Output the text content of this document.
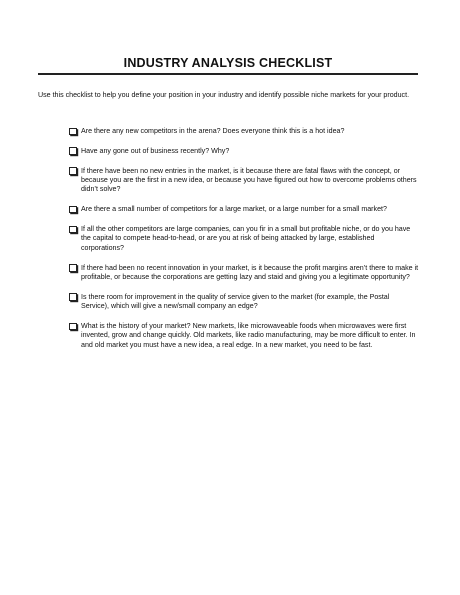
INDUSTRY ANALYSIS CHECKLIST

Use this checklist to help you define your position in your industry and identify possible niche markets for your product.

Are there any new competitors in the arena? Does everyone think this is a hot idea?
Have any gone out of business recently? Why?
If there have been no new entries in the market, is it because there are fatal flaws with the concept, or because you are the first in a new idea, or because you have figured out how to overcome problems others didn’t solve?
Are there a small number of competitors for a large market, or a large number for a small market?
If all the other competitors are large companies, can you fir in a small but profitable niche, or do you have the capital to compete head-to-head, or are you at risk of being attacked by large, established corporations?
If there had been no recent innovation in your market, is it because the profit margins aren’t there to make it profitable, or because the corporations are getting lazy and staid and giving you a legitimate opportunity?
Is there room for improvement in the quality of service given to the market (for example, the Postal Service), which will give a new/small company an edge?
What is the history of your market? New markets, like microwaveable foods when microwaves were first invented, grow and change quickly. Old markets, like radio manufacturing, may be more difficult to enter. In and old market you must have a new idea, a real edge. In a new market, you need to be fast.
